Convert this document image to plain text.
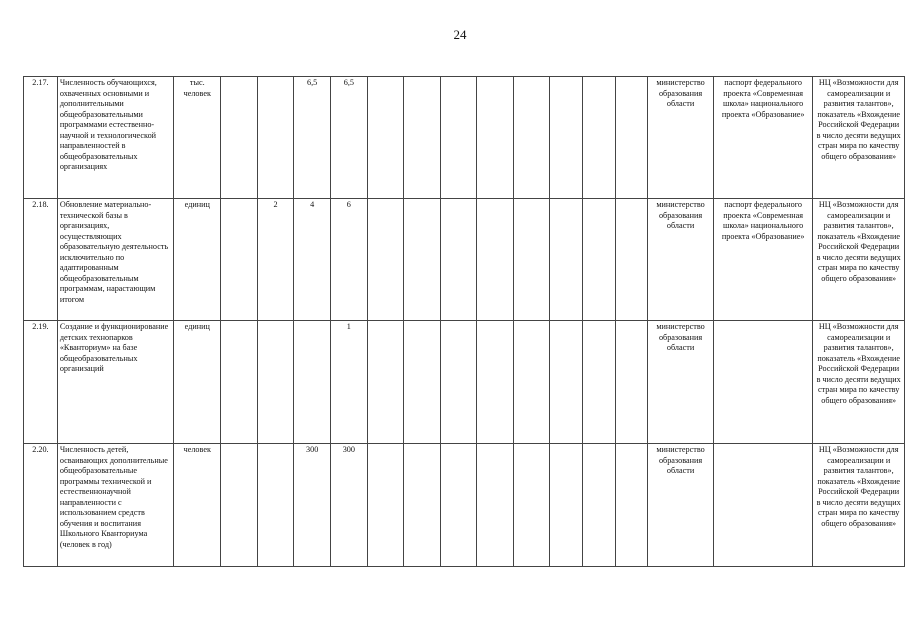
24
2.17.	Численность обучающихся, охваченных основными и дополнительными общеобразовательными программами естественно-научной и технологической направленностей в общеобразовательных организациях	тыс. человек			6,5	6,5									министерство образования области	паспорт федерального проекта «Современная школа» национального проекта «Образование»	НЦ «Возможности для самореализации и развития талантов», показатель «Вхождение Российской Федерации в число десяти ведущих стран мира по качеству общего образования»
2.18.	Обновление материально-технической базы в организациях, осуществляющих образовательную деятельность исключительно по адаптированным общеобразовательным программам, нарастающим итогом	единиц		2	4	6									министерство образования области	паспорт федерального проекта «Современная школа» национального проекта «Образование»	НЦ «Возможности для самореализации и развития талантов», показатель «Вхождение Российской Федерации в число десяти ведущих стран мира по качеству общего образования»
2.19.	Создание и функционирование детских технопарков «Кванториум» на базе общеобразовательных организаций	единиц				1									министерство образования области		НЦ «Возможности для самореализации и развития талантов», показатель «Вхождение Российской Федерации в число десяти ведущих стран мира по качеству общего образования»
2.20.	Численность детей, осваивающих дополнительные общеобразовательные программы технической и естественнонаучной направленности с использованием средств обучения и воспитания Школьного Кванториума (человек в год)	человек			300	300									министерство образования области		НЦ «Возможности для самореализации и развития талантов», показатель «Вхождение Российской Федерации в число десяти ведущих стран мира по качеству общего образования»
